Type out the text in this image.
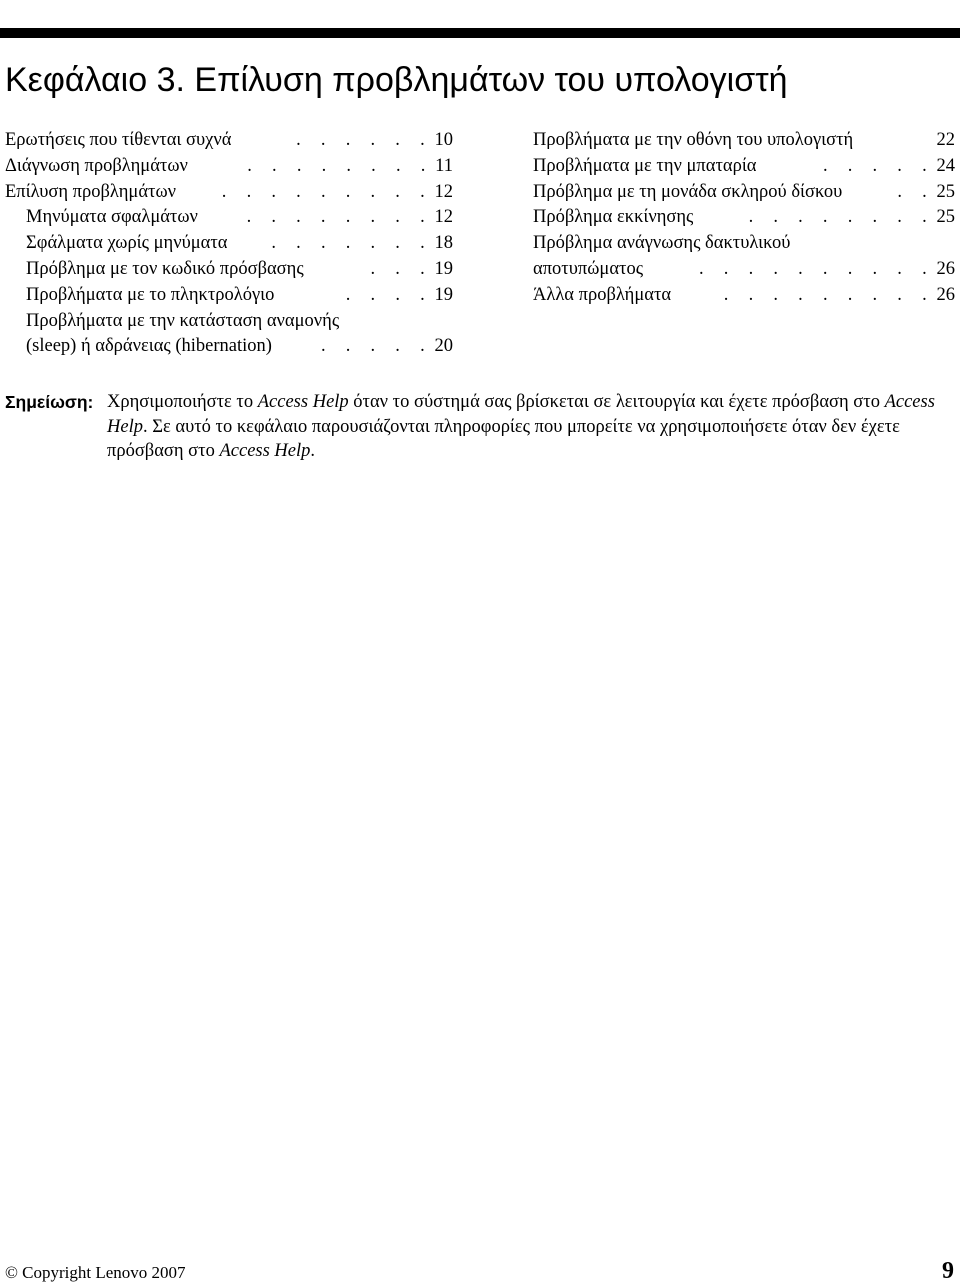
Κεφάλαιο 3. Επίλυση προβλημάτων του υπολογιστή
Ερωτήσεις που τίθενται συχνά	. . . . . . 10
Διάγνωση προβλημάτων	. . . . . . . . 11
Επίλυση προβλημάτων	. . . . . . . . . 12
Μηνύματα σφαλμάτων	. . . . . . . . 12
Σφάλματα χωρίς μηνύματα	. . . . . . . 18
Πρόβλημα με τον κωδικό πρόσβασης	. . . 19
Προβλήματα με το πληκτρολόγιο	. . . . 19
Προβλήματα με την κατάσταση αναμονής
(sleep) ή αδράνειας (hibernation)	. . . . . 20
Προβλήματα με την οθόνη του υπολογιστή	22
Προβλήματα με την μπαταρία	. . . . . 24
Πρόβλημα με τη μονάδα σκληρού δίσκου	. . 25
Πρόβλημα εκκίνησης	. . . . . . . . 25
Πρόβλημα ανάγνωσης δακτυλικού
αποτυπώματος	. . . . . . . . . . 26
Άλλα προβλήματα	. . . . . . . . . 26
Σημείωση: Χρησιμοποιήστε το Access Help όταν το σύστημά σας βρίσκεται σε λειτουργία και έχετε πρόσβαση στο Access Help. Σε αυτό το κεφάλαιο παρουσιάζονται πληροφορίες που μπορείτε να χρησιμοποιήσετε όταν δεν έχετε πρόσβαση στο Access Help.
© Copyright Lenovo 2007	9
